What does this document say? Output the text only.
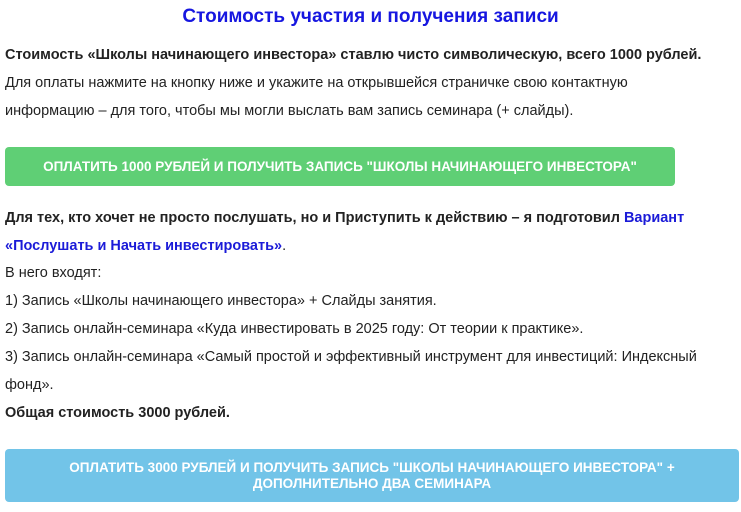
Стоимость участия и получения записи
Стоимость «Школы начинающего инвестора» ставлю чисто символическую, всего 1000 рублей.
Для оплаты нажмите на кнопку ниже и укажите на открывшейся страничке свою контактную
информацию – для того, чтобы мы могли выслать вам запись семинара (+ слайды).
ОПЛАТИТЬ 1000 РУБЛЕЙ И ПОЛУЧИТЬ ЗАПИСЬ "ШКОЛЫ НАЧИНАЮЩЕГО ИНВЕСТОРА"
Для тех, кто хочет не просто послушать, но и Приступить к действию – я подготовил Вариант
«Послушать и Начать инвестировать».
В него входят:
1) Запись «Школы начинающего инвестора» + Слайды занятия.
2) Запись онлайн-семинара «Куда инвестировать в 2025 году: От теории к практике».
3) Запись онлайн-семинара «Самый простой и эффективный инструмент для инвестиций: Индексный
фонд».
Общая стоимость 3000 рублей.
ОПЛАТИТЬ 3000 РУБЛЕЙ И ПОЛУЧИТЬ ЗАПИСЬ "ШКОЛЫ НАЧИНАЮЩЕГО ИНВЕСТОРА" +
ДОПОЛНИТЕЛЬНО ДВА СЕМИНАРА
